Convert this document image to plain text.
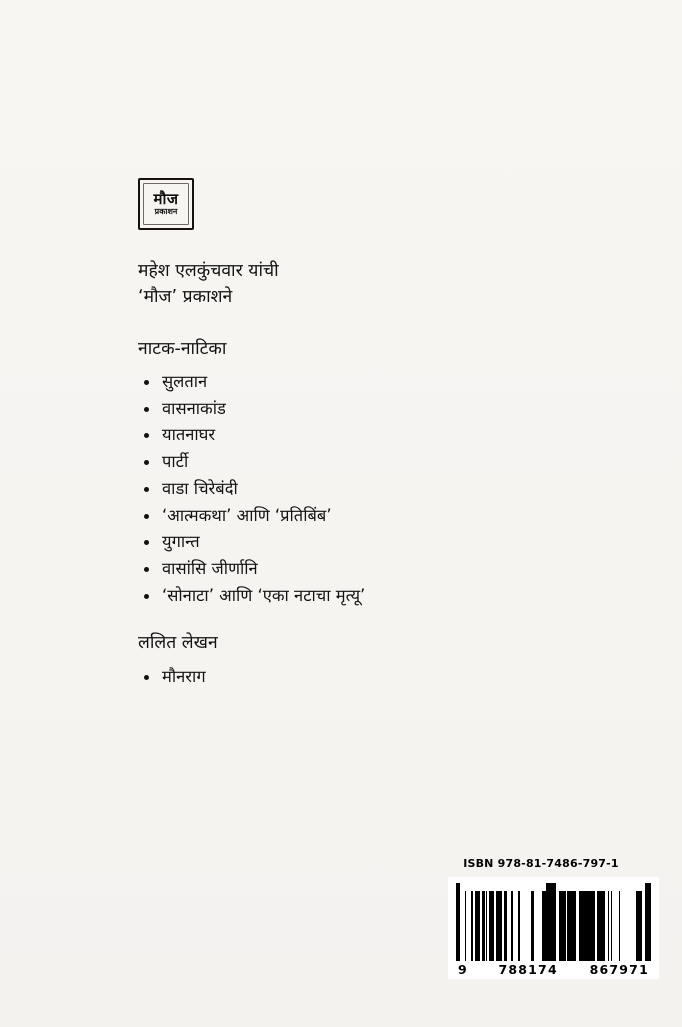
मौज
प्रकाशन

महेश एलकुंचवार यांची
‘मौज’ प्रकाशने

नाटक-नाटिका
सुलतान
वासनाकांड
यातनाघर
पार्टी
वाडा चिरेबंदी
‘आत्मकथा’ आणि ‘प्रतिबिंब’
युगान्त
वासांसि जीर्णानि
‘सोनाटा’ आणि ‘एका नटाचा मृत्यू’
ललित लेखन
मौनराग
ISBN 978-81-7486-797-1
9	788174	867971
